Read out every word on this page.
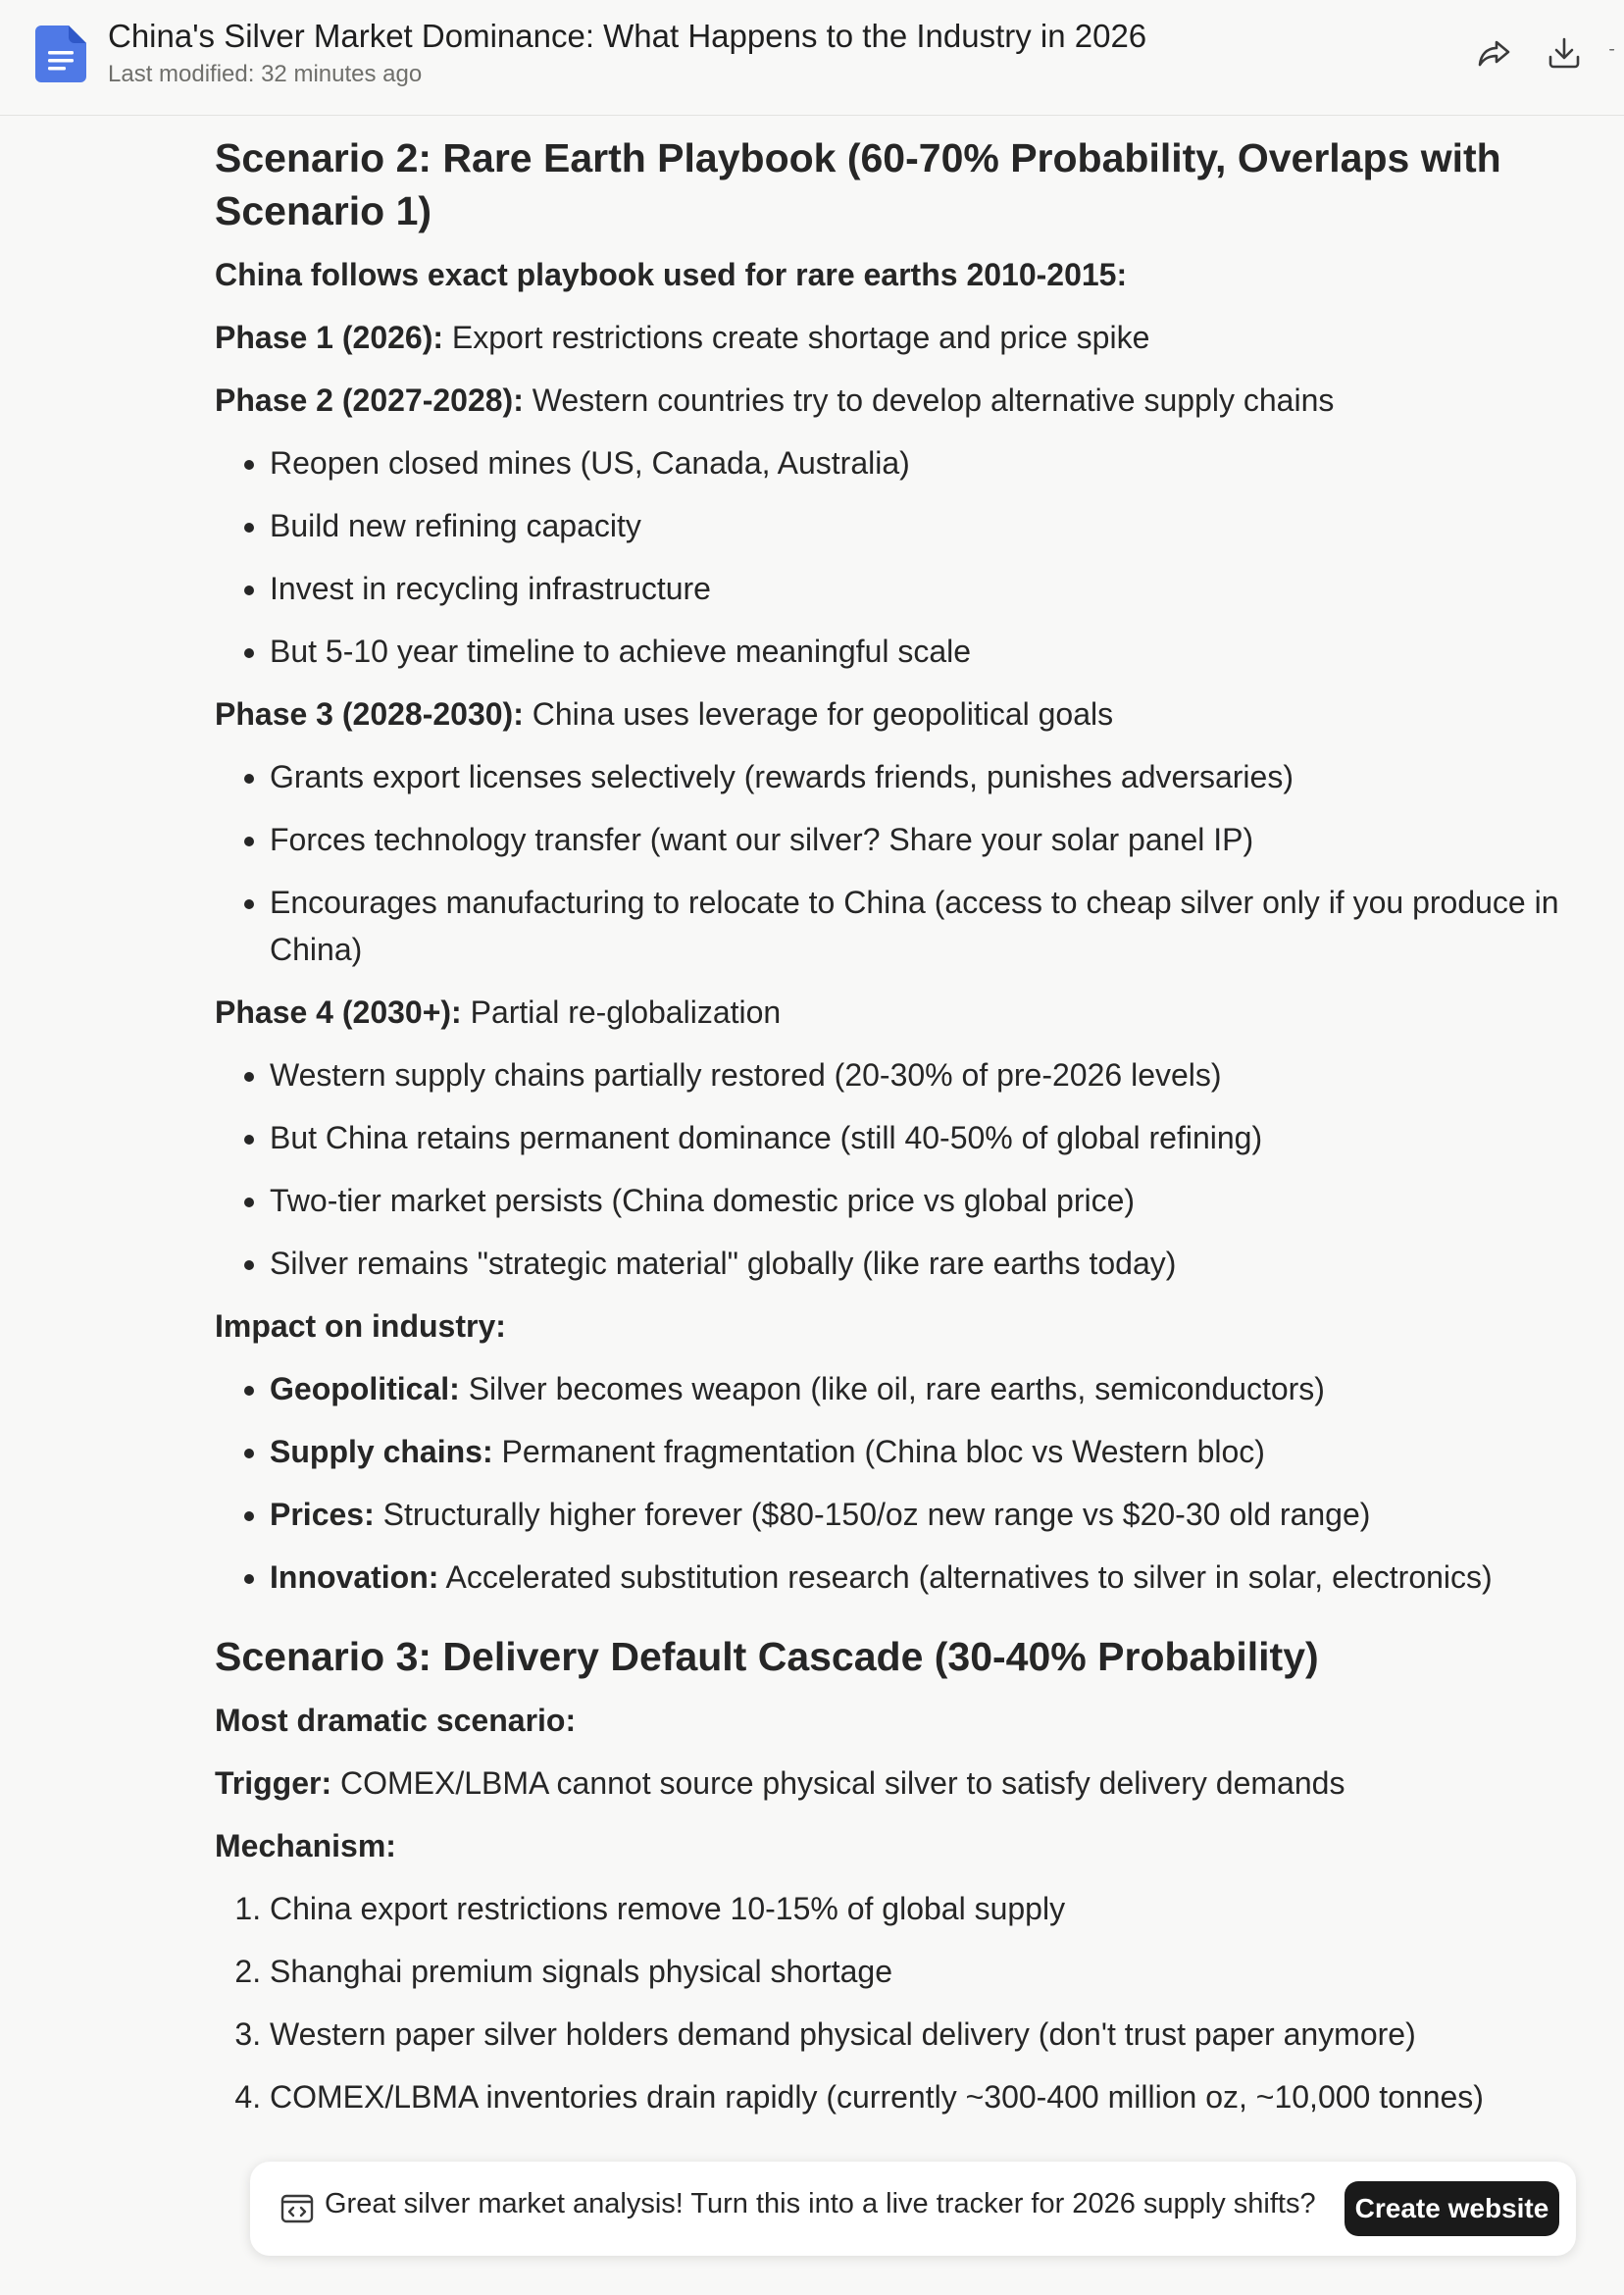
China's Silver Market Dominance: What Happens to the Industry in 2026
Last modified: 32 minutes ago
Scenario 2: Rare Earth Playbook (60-70% Probability, Overlaps with Scenario 1)

China follows exact playbook used for rare earths 2010-2015:

Phase 1 (2026): Export restrictions create shortage and price spike

Phase 2 (2027-2028): Western countries try to develop alternative supply chains

• Reopen closed mines (US, Canada, Australia)
• Build new refining capacity
• Invest in recycling infrastructure
• But 5-10 year timeline to achieve meaningful scale

Phase 3 (2028-2030): China uses leverage for geopolitical goals

• Grants export licenses selectively (rewards friends, punishes adversaries)
• Forces technology transfer (want our silver? Share your solar panel IP)
• Encourages manufacturing to relocate to China (access to cheap silver only if you produce in China)

Phase 4 (2030+): Partial re-globalization

• Western supply chains partially restored (20-30% of pre-2026 levels)
• But China retains permanent dominance (still 40-50% of global refining)
• Two-tier market persists (China domestic price vs global price)
• Silver remains "strategic material" globally (like rare earths today)

Impact on industry:

• Geopolitical: Silver becomes weapon (like oil, rare earths, semiconductors)
• Supply chains: Permanent fragmentation (China bloc vs Western bloc)
• Prices: Structurally higher forever ($80-150/oz new range vs $20-30 old range)
• Innovation: Accelerated substitution research (alternatives to silver in solar, electronics)
Scenario 3: Delivery Default Cascade (30-40% Probability)

Most dramatic scenario:

Trigger: COMEX/LBMA cannot source physical silver to satisfy delivery demands

Mechanism:

1. China export restrictions remove 10-15% of global supply
2. Shanghai premium signals physical shortage
3. Western paper silver holders demand physical delivery (don't trust paper anymore)
4. COMEX/LBMA inventories drain rapidly (currently ~300-400 million oz, ~10,000 tonnes)
Great silver market analysis! Turn this into a live tracker for 2026 supply shifts?	Create website
